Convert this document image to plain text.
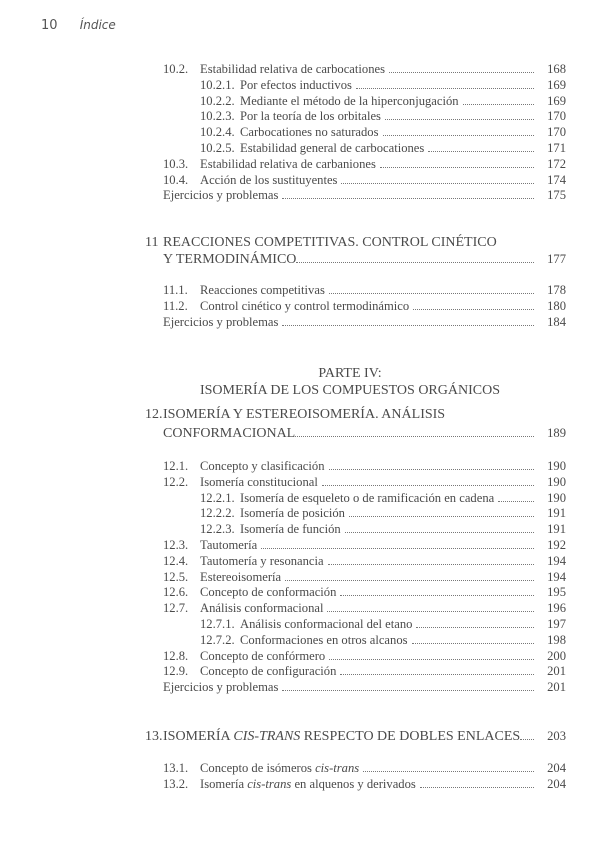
10 Índice
10.2. Estabilidad relativa de carbocationes	168
10.2.1. Por efectos inductivos	169
10.2.2. Mediante el método de la hiperconjugación	169
10.2.3. Por la teoría de los orbitales	170
10.2.4. Carbocationes no saturados	170
10.2.5. Estabilidad general de carbocationes	171
10.3. Estabilidad relativa de carbaniones	172
10.4. Acción de los sustituyentes	174
Ejercicios y problemas	175
11 REACCIONES COMPETITIVAS. CONTROL CINÉTICO
Y TERMODINÁMICO	177
11.1. Reacciones competitivas	178
11.2. Control cinético y control termodinámico	180
Ejercicios y problemas	184
PARTE IV:
ISOMERÍA DE LOS COMPUESTOS ORGÁNICOS
12. ISOMERÍA Y ESTEREOISOMERÍA. ANÁLISIS
CONFORMACIONAL	189
12.1. Concepto y clasificación	190
12.2. Isomería constitucional	190
12.2.1. Isomería de esqueleto o de ramificación en cadena	190
12.2.2. Isomería de posición	191
12.2.3. Isomería de función	191
12.3. Tautomería	192
12.4. Tautomería y resonancia	194
12.5. Estereoisomería	194
12.6. Concepto de conformación	195
12.7. Análisis conformacional	196
12.7.1. Análisis conformacional del etano	197
12.7.2. Conformaciones en otros alcanos	198
12.8. Concepto de confórmero	200
12.9. Concepto de configuración	201
Ejercicios y problemas	201
13. ISOMERÍA CIS-TRANS RESPECTO DE DOBLES ENLACES 203
13.1. Concepto de isómeros cis-trans	204
13.2. Isomería cis-trans en alquenos y derivados	204
